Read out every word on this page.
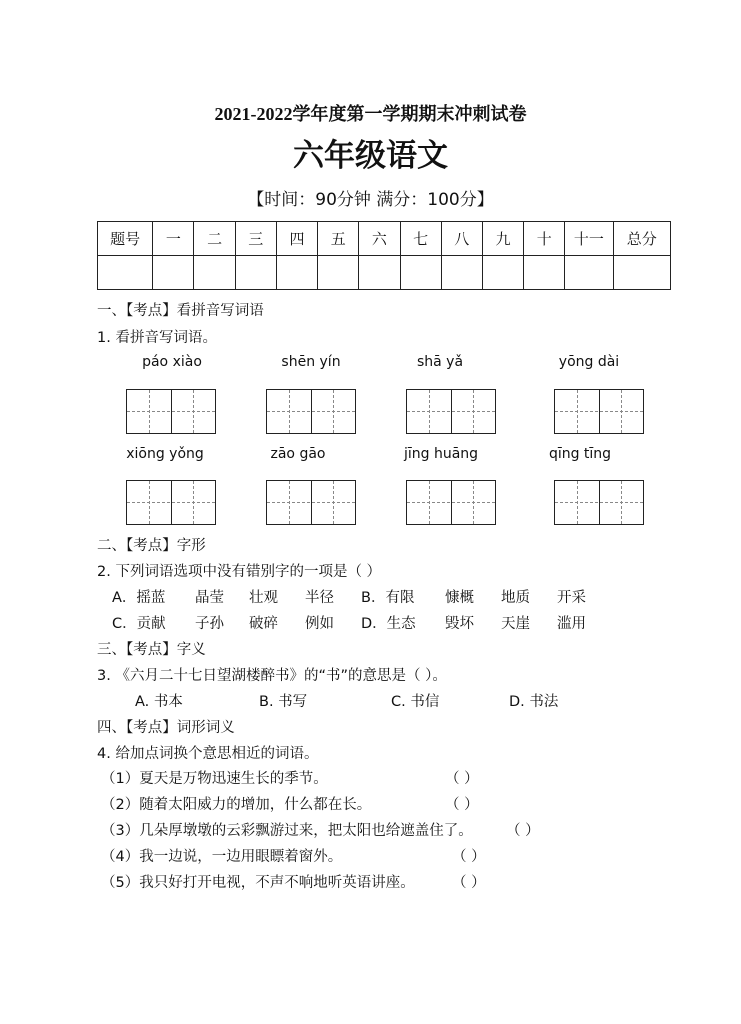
2021-2022学年度第一学期期末冲刺试卷
六年级语文
【时间：90分钟 满分：100分】
题号	一	二	三	四	五	六	七	八	九	十	十一	总分

一、【考点】看拼音写词语
1. 看拼音写词语。
páo xiào	shēn yín	shā yǎ	yōng dài
xiōng yǒng	zāo gāo	jīng huāng	qīng tīng
二、【考点】字形
2. 下列词语选项中没有错别字的一项是（ ）
A．摇蓝 晶莹 壮观 半径 B．有限 慷概 地质 开采
C．贡献 子孙 破碎 例如 D．生态 毁坏 天崖 滥用
三、【考点】字义
3. 《六月二十七日望湖楼醉书》的“书”的意思是（ ）。
A. 书本	B. 书写	C. 书信	D. 书法
四、【考点】词形词义
4. 给加点词换个意思相近的词语。
（1）夏天是万物迅速生长的季节。	（ ）
（2）随着太阳威力的增加，什么都在长。	（ ）
（3）几朵厚墩墩的云彩飘游过来，把太阳也给遮盖住了。 （ ）
（4）我一边说，一边用眼瞟着窗外。	（ ）
（5）我只好打开电视，不声不响地听英语讲座。	（ ）
